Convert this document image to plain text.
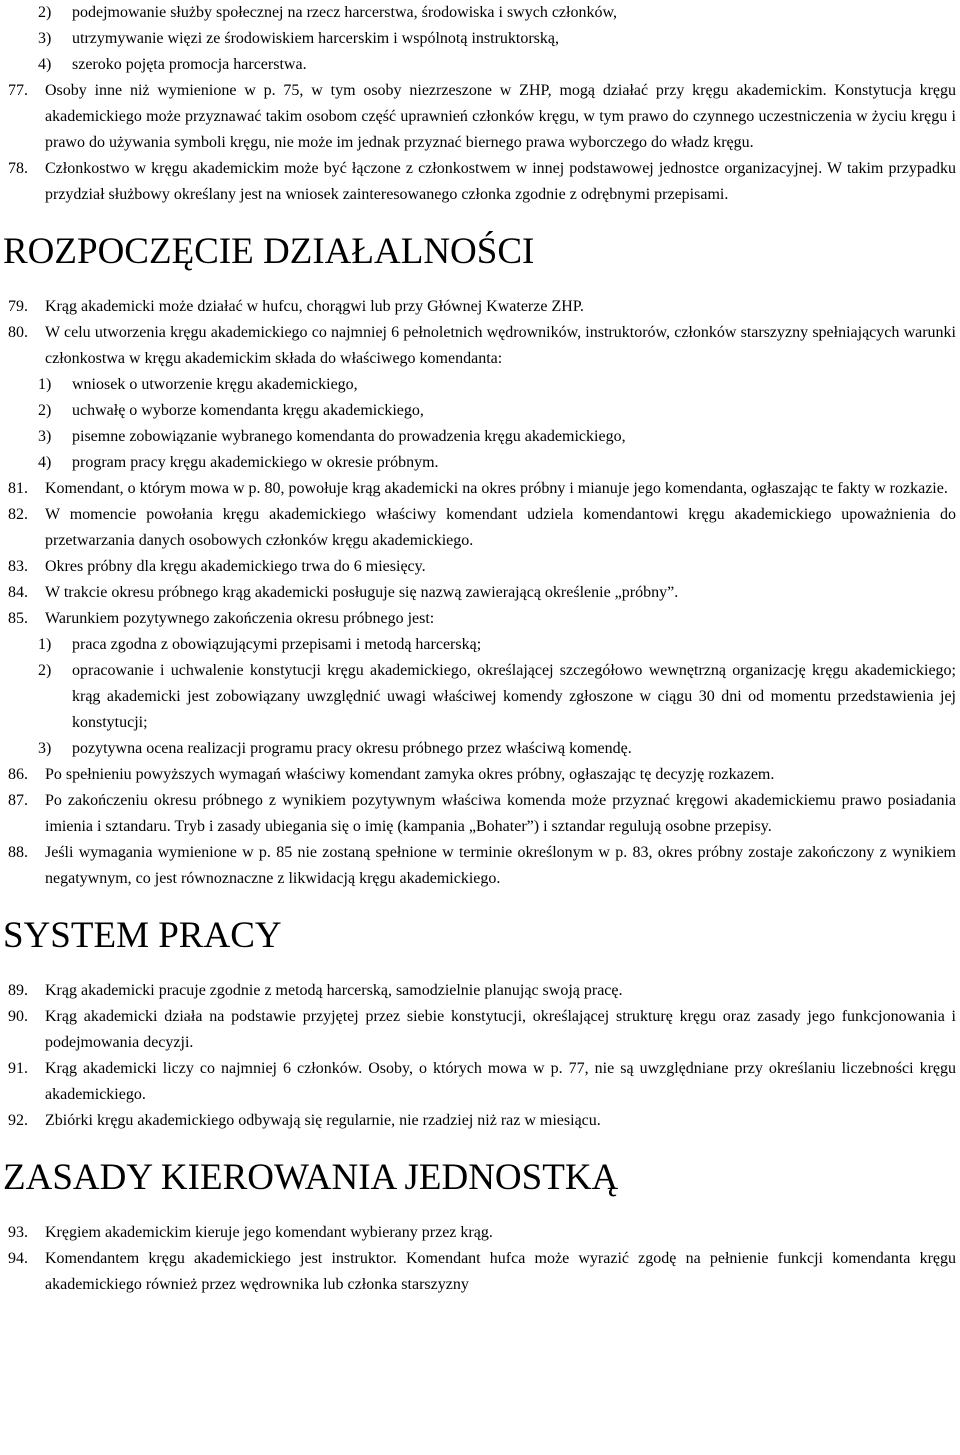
2) podejmowanie służby społecznej na rzecz harcerstwa, środowiska i swych członków,
3) utrzymywanie więzi ze środowiskiem harcerskim i wspólnotą instruktorską,
4) szeroko pojęta promocja harcerstwa.
77. Osoby inne niż wymienione w p. 75, w tym osoby niezrzeszone w ZHP, mogą działać przy kręgu akademickim. Konstytucja kręgu akademickiego może przyznawać takim osobom część uprawnień członków kręgu, w tym prawo do czynnego uczestniczenia w życiu kręgu i prawo do używania symboli kręgu, nie może im jednak przyznać biernego prawa wyborczego do władz kręgu.
78. Członkostwo w kręgu akademickim może być łączone z członkostwem w innej podstawowej jednostce organizacyjnej. W takim przypadku przydział służbowy określany jest na wniosek zainteresowanego członka zgodnie z odrębnymi przepisami.
ROZPOCZĘCIE DZIAŁALNOŚCI
79. Krąg akademicki może działać w hufcu, chorągwi lub przy Głównej Kwaterze ZHP.
80. W celu utworzenia kręgu akademickiego co najmniej 6 pełnoletnich wędrowników, instruktorów, członków starszyzny spełniających warunki członkostwa w kręgu akademickim składa do właściwego komendanta:
1) wniosek o utworzenie kręgu akademickiego,
2) uchwałę o wyborze komendanta kręgu akademickiego,
3) pisemne zobowiązanie wybranego komendanta do prowadzenia kręgu akademickiego,
4) program pracy kręgu akademickiego w okresie próbnym.
81. Komendant, o którym mowa w p. 80, powołuje krąg akademicki na okres próbny i mianuje jego komendanta, ogłaszając te fakty w rozkazie.
82. W momencie powołania kręgu akademickiego właściwy komendant udziela komendantowi kręgu akademickiego upoważnienia do przetwarzania danych osobowych członków kręgu akademickiego.
83. Okres próbny dla kręgu akademickiego trwa do 6 miesięcy.
84. W trakcie okresu próbnego krąg akademicki posługuje się nazwą zawierającą określenie „próbny”.
85. Warunkiem pozytywnego zakończenia okresu próbnego jest:
1) praca zgodna z obowiązującymi przepisami i metodą harcerską;
2) opracowanie i uchwalenie konstytucji kręgu akademickiego, określającej szczegółowo wewnętrzną organizację kręgu akademickiego; krąg akademicki jest zobowiązany uwzględnić uwagi właściwej komendy zgłoszone w ciągu 30 dni od momentu przedstawienia jej konstytucji;
3) pozytywna ocena realizacji programu pracy okresu próbnego przez właściwą komendę.
86. Po spełnieniu powyższych wymagań właściwy komendant zamyka okres próbny, ogłaszając tę decyzję rozkazem.
87. Po zakończeniu okresu próbnego z wynikiem pozytywnym właściwa komenda może przyznać kręgowi akademickiemu prawo posiadania imienia i sztandaru. Tryb i zasady ubiegania się o imię (kampania „Bohater”) i sztandar regulują osobne przepisy.
88. Jeśli wymagania wymienione w p. 85 nie zostaną spełnione w terminie określonym w p. 83, okres próbny zostaje zakończony z wynikiem negatywnym, co jest równoznaczne z likwidacją kręgu akademickiego.
SYSTEM PRACY
89. Krąg akademicki pracuje zgodnie z metodą harcerską, samodzielnie planując swoją pracę.
90. Krąg akademicki działa na podstawie przyjętej przez siebie konstytucji, określającej strukturę kręgu oraz zasady jego funkcjonowania i podejmowania decyzji.
91. Krąg akademicki liczy co najmniej 6 członków. Osoby, o których mowa w p. 77, nie są uwzględniane przy określaniu liczebności kręgu akademickiego.
92. Zbiórki kręgu akademickiego odbywają się regularnie, nie rzadziej niż raz w miesiącu.
ZASADY KIEROWANIA JEDNOSTKĄ
93. Kręgiem akademickim kieruje jego komendant wybierany przez krąg.
94. Komendantem kręgu akademickiego jest instruktor. Komendant hufca może wyrazić zgodę na pełnienie funkcji komendanta kręgu akademickiego również przez wędrownika lub członka starszyzny
